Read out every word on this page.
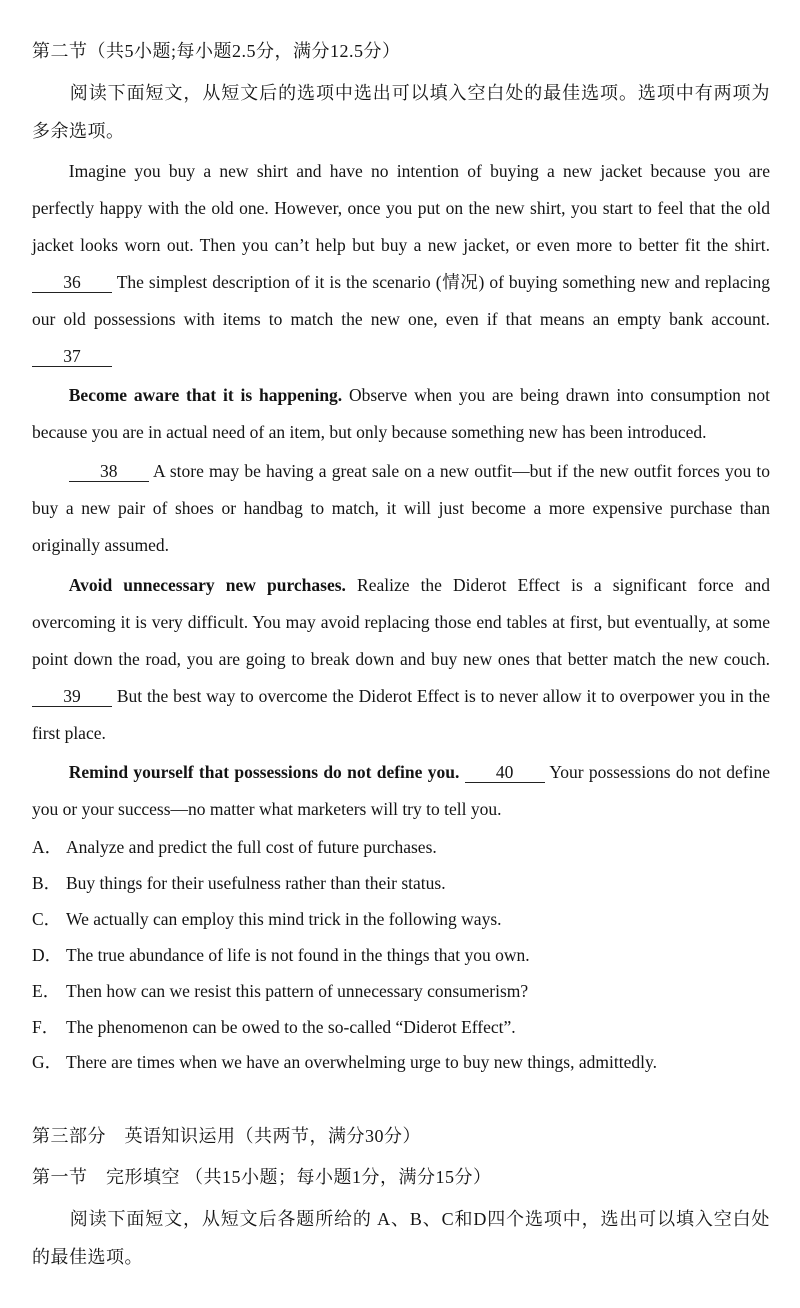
第二节（共5小题;每小题2.5分，满分12.5分）

阅读下面短文，从短文后的选项中选出可以填入空白处的最佳选项。选项中有两项为多余选项。

Imagine you buy a new shirt and have no intention of buying a new jacket because you are perfectly happy with the old one. However, once you put on the new shirt, you start to feel that the old jacket looks worn out. Then you can’t help but buy a new jacket, or even more to better fit the shirt. 36 The simplest description of it is the scenario (情况) of buying something new and replacing our old possessions with items to match the new one, even if that means an empty bank account. 37

Become aware that it is happening. Observe when you are being drawn into consumption not because you are in actual need of an item, but only because something new has been introduced.

38 A store may be having a great sale on a new outfit—but if the new outfit forces you to buy a new pair of shoes or handbag to match, it will just become a more expensive purchase than originally assumed.

Avoid unnecessary new purchases. Realize the Diderot Effect is a significant force and overcoming it is very difficult. You may avoid replacing those end tables at first, but eventually, at some point down the road, you are going to break down and buy new ones that better match the new couch. 39 But the best way to overcome the Diderot Effect is to never allow it to overpower you in the first place.

Remind yourself that possessions do not define you. 40 Your possessions do not define you or your success—no matter what marketers will try to tell you.

A． Analyze and predict the full cost of future purchases.
B． Buy things for their usefulness rather than their status.
C． We actually can employ this mind trick in the following ways.
D． The true abundance of life is not found in the things that you own.
E． Then how can we resist this pattern of unnecessary consumerism?
F． The phenomenon can be owed to the so-called “Diderot Effect”.
G． There are times when we have an overwhelming urge to buy new things, admittedly.
第三部分　英语知识运用（共两节，满分30分）
第一节　完形填空 （共15小题；每小题1分，满分15分）

阅读下面短文，从短文后各题所给的 A、B、C和D四个选项中，选出可以填入空白处的最佳选项。
